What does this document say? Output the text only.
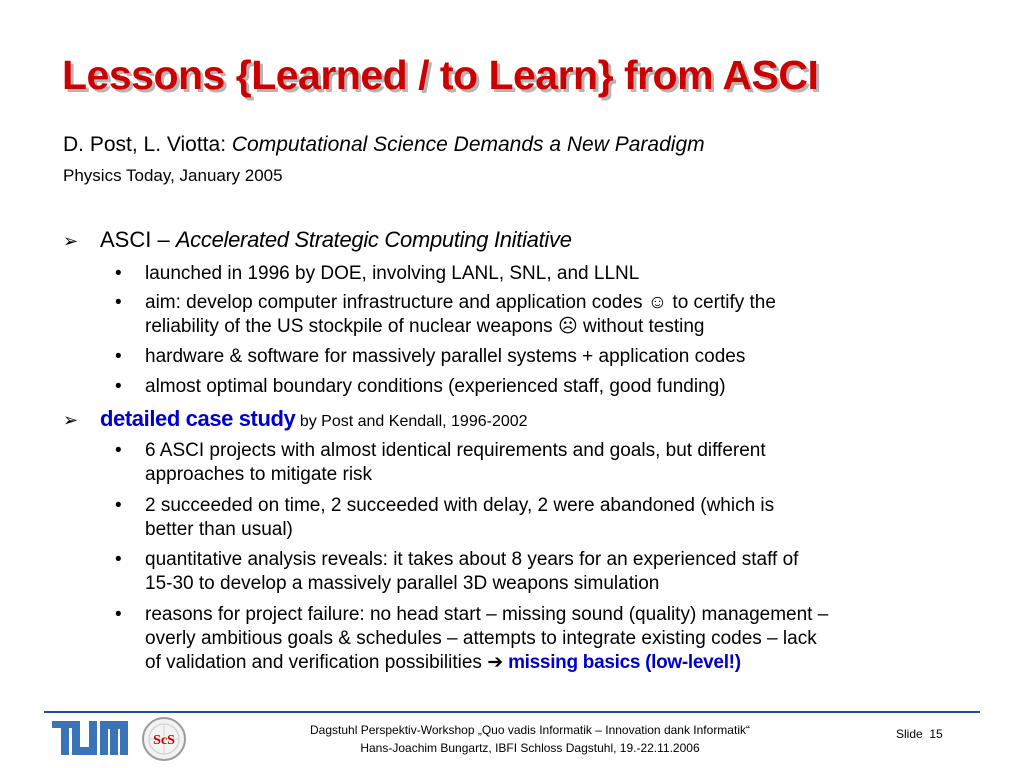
Lessons {Learned / to Learn} from ASCI
D. Post, L. Viotta: Computational Science Demands a New Paradigm
Physics Today, January 2005
➢ ASCI – Accelerated Strategic Computing Initiative
• launched in 1996 by DOE, involving LANL, SNL, and LLNL
• aim: develop computer infrastructure and application codes ☺ to certify the
reliability of the US stockpile of nuclear weapons ☹ without testing
• hardware & software for massively parallel systems + application codes
• almost optimal boundary conditions (experienced staff, good funding)
➢ detailed case study by Post and Kendall, 1996-2002
• 6 ASCI projects with almost identical requirements and goals, but different
approaches to mitigate risk
• 2 succeeded on time, 2 succeeded with delay, 2 were abandoned (which is
better than usual)
• quantitative analysis reveals: it takes about 8 years for an experienced staff of
15-30 to develop a massively parallel 3D weapons simulation
• reasons for project failure: no head start – missing sound (quality) management –
overly ambitious goals & schedules – attempts to integrate existing codes – lack
of validation and verification possibilities ➔ missing basics (low-level!)
ScS
Dagstuhl Perspektiv-Workshop „Quo vadis Informatik – Innovation dank Informatik“
Hans-Joachim Bungartz, IBFI Schloss Dagstuhl, 19.-22.11.2006
Slide 15
